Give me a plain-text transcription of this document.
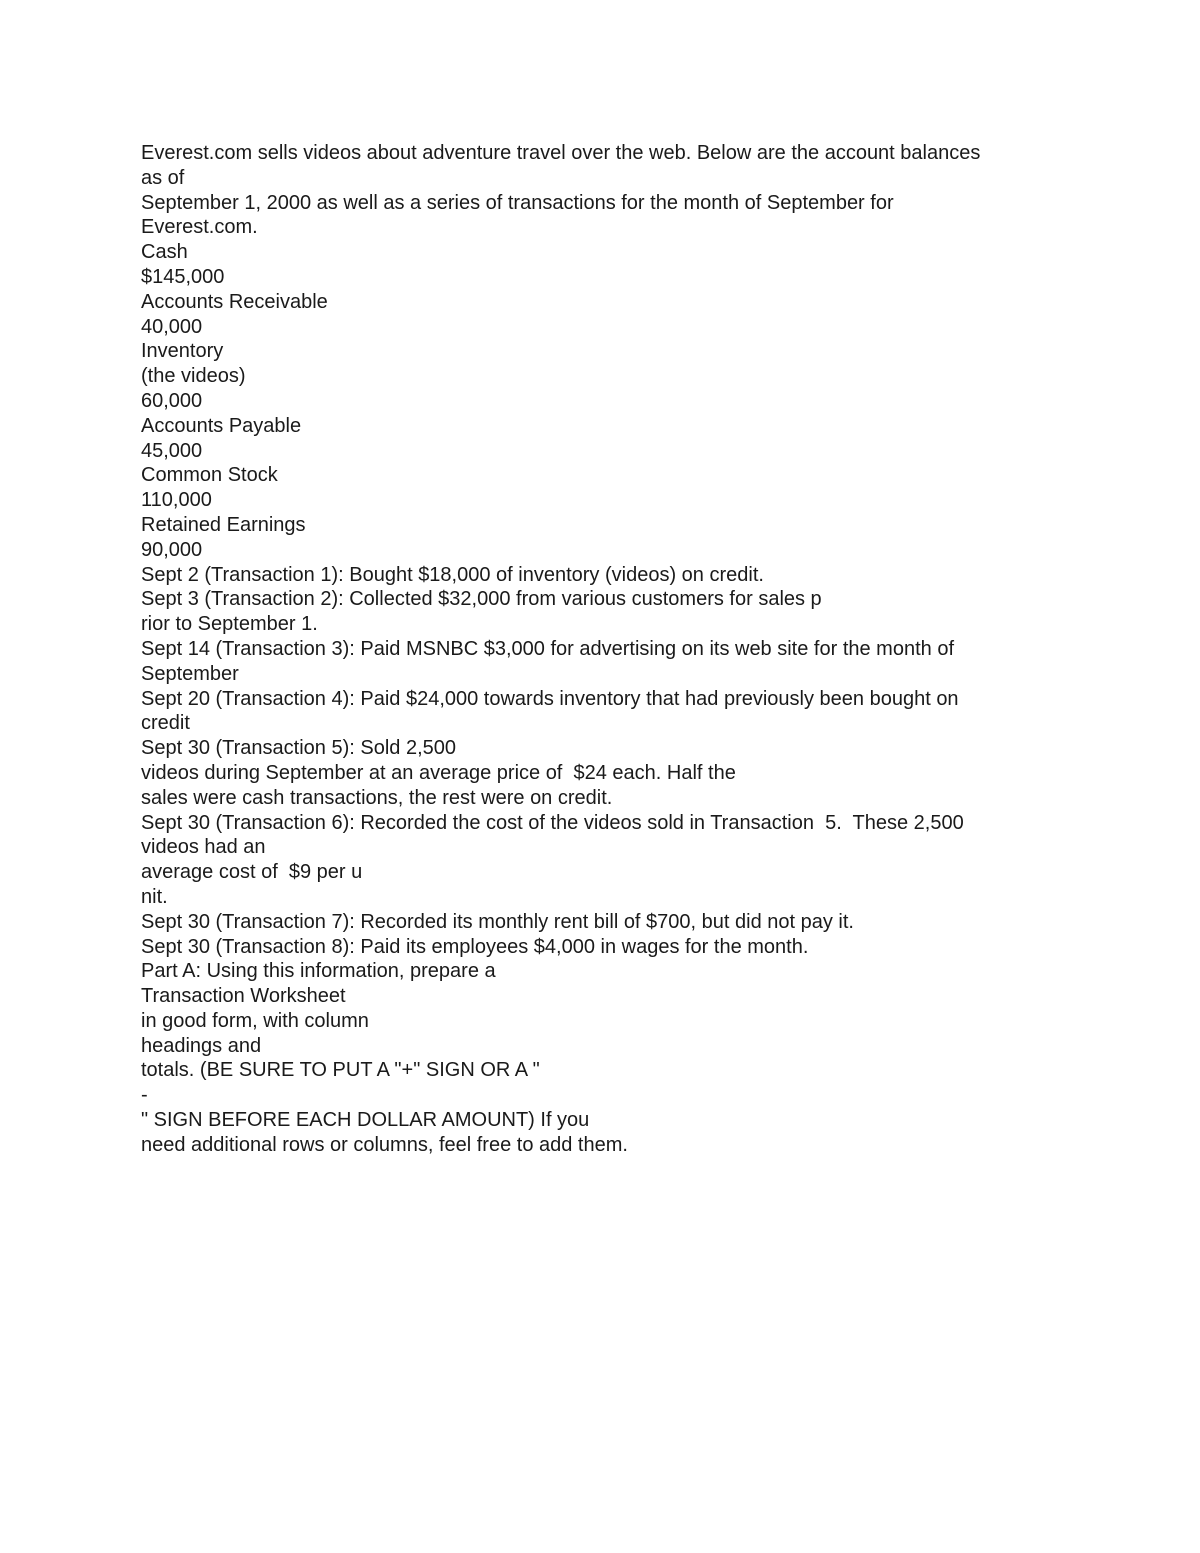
Everest.com sells videos about adventure travel over the web. Below are the account balances
as of
September 1, 2000 as well as a series of transactions for the month of September for
Everest.com.
Cash
$145,000
Accounts Receivable
40,000
Inventory
(the videos)
60,000
Accounts Payable
45,000
Common Stock
110,000
Retained Earnings
90,000
Sept 2 (Transaction 1): Bought $18,000 of inventory (videos) on credit.
Sept 3 (Transaction 2): Collected $32,000 from various customers for sales p
rior to September 1.
Sept 14 (Transaction 3): Paid MSNBC $3,000 for advertising on its web site for the month of
September
Sept 20 (Transaction 4): Paid $24,000 towards inventory that had previously been bought on
credit
Sept 30 (Transaction 5): Sold 2,500
videos during September at an average price of  $24 each. Half the
sales were cash transactions, the rest were on credit.
Sept 30 (Transaction 6): Recorded the cost of the videos sold in Transaction  5.  These 2,500
videos had an
average cost of  $9 per u
nit.
Sept 30 (Transaction 7): Recorded its monthly rent bill of $700, but did not pay it.
Sept 30 (Transaction 8): Paid its employees $4,000 in wages for the month.
Part A: Using this information, prepare a
Transaction Worksheet
in good form, with column
headings and
totals. (BE SURE TO PUT A "+" SIGN OR A "
-
" SIGN BEFORE EACH DOLLAR AMOUNT) If you
need additional rows or columns, feel free to add them.
